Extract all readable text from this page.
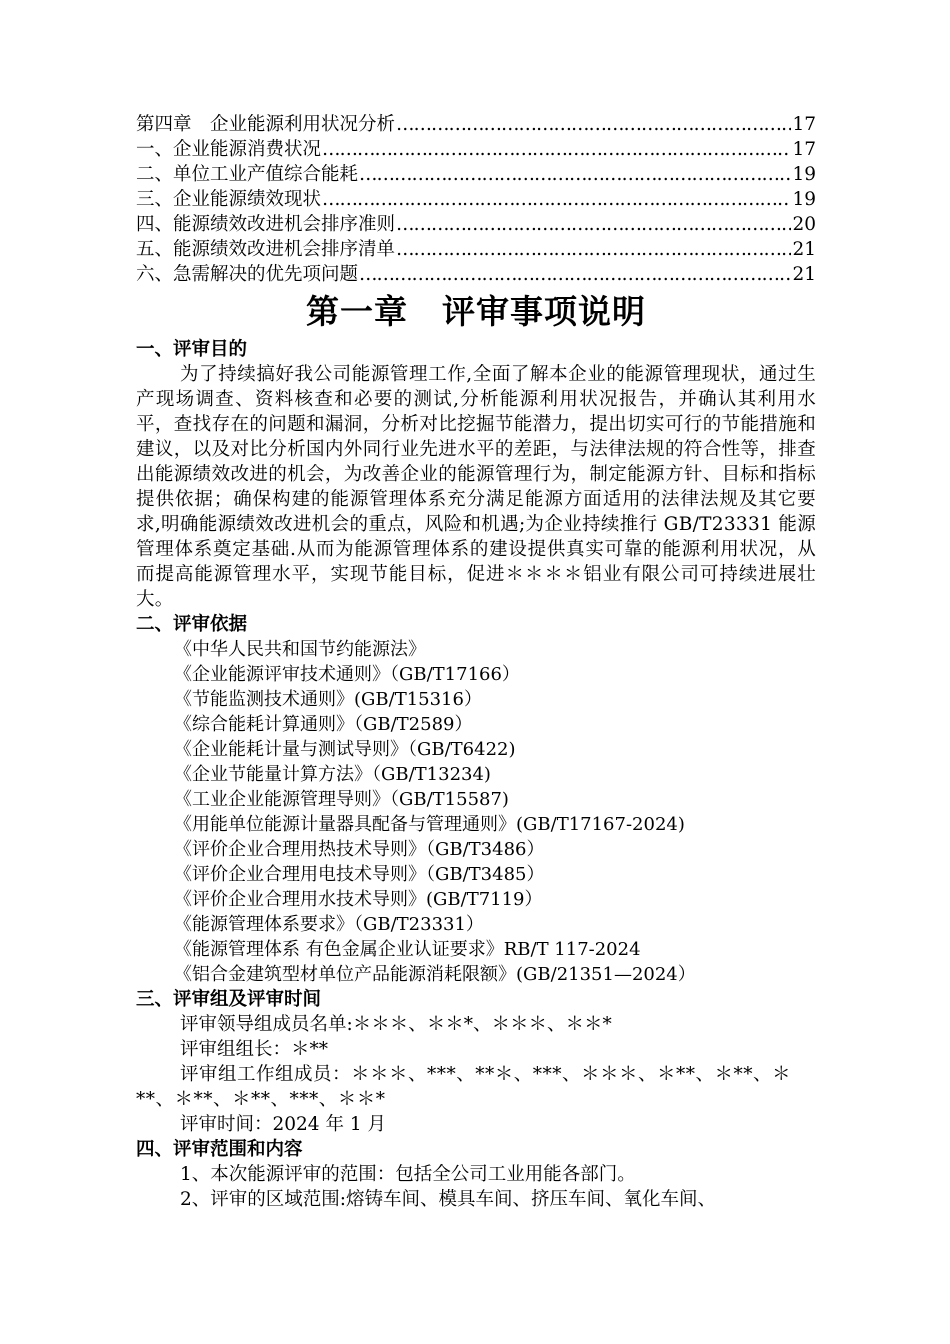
第四章　企业能源利用状况分析 ……………………………………………………………………………………………………………………………………	17
一、企业能源消费状况 ……………………………………………………………………………………………………………………………………	17
二、单位工业产值综合能耗 ……………………………………………………………………………………………………………………………………	19
三、企业能源绩效现状 ……………………………………………………………………………………………………………………………………	19
四、能源绩效改进机会排序准则 ……………………………………………………………………………………………………………………………………	20
五、能源绩效改进机会排序清单 ……………………………………………………………………………………………………………………………………	21
六、急需解决的优先项问题 ……………………………………………………………………………………………………………………………………	21
第一章　评审事项说明
一、评审目的
为了持续搞好我公司能源管理工作,全面了解本企业的能源管理现状，通过生产现场调查、资料核查和必要的测试,分析能源利用状况报告，并确认其利用水平，查找存在的问题和漏洞，分析对比挖掘节能潜力，提出切实可行的节能措施和建议，以及对比分析国内外同行业先进水平的差距，与法律法规的符合性等，排查出能源绩效改进的机会，为改善企业的能源管理行为，制定能源方针、目标和指标提供依据；确保构建的能源管理体系充分满足能源方面适用的法律法规及其它要求,明确能源绩效改进机会的重点，风险和机遇;为企业持续推行 GB/T23331 能源管理体系奠定基础.从而为能源管理体系的建设提供真实可靠的能源利用状况，从而提高能源管理水平，实现节能目标，促进＊＊＊＊铝业有限公司可持续进展壮大。
二、评审依据
《中华人民共和国节约能源法》
《企业能源评审技术通则》（GB/T17166）
《节能监测技术通则》(GB/T15316）
《综合能耗计算通则》（GB/T2589）
《企业能耗计量与测试导则》（GB/T6422)
《企业节能量计算方法》（GB/T13234)
《工业企业能源管理导则》（GB/T15587)
《用能单位能源计量器具配备与管理通则》(GB/T17167-2024)
《评价企业合理用热技术导则》（GB/T3486）
《评价企业合理用电技术导则》（GB/T3485）
《评价企业合理用水技术导则》(GB/T7119）
《能源管理体系要求》（GB/T23331）
《能源管理体系 有色金属企业认证要求》RB/T 117-2024
《铝合金建筑型材单位产品能源消耗限额》(GB/21351—2024）
三、评审组及评审时间
评审领导组成员名单:＊＊＊、＊＊*、＊＊＊、＊＊*
评审组组长：＊**
评审组工作组成员：＊＊＊、***、**＊、***、＊＊＊、＊**、＊**、＊**、＊**、＊**、***、＊＊*
评审时间：2024 年 1 月
四、评审范围和内容
1、本次能源评审的范围：包括全公司工业用能各部门。
2、评审的区域范围:熔铸车间、模具车间、挤压车间、氧化车间、
